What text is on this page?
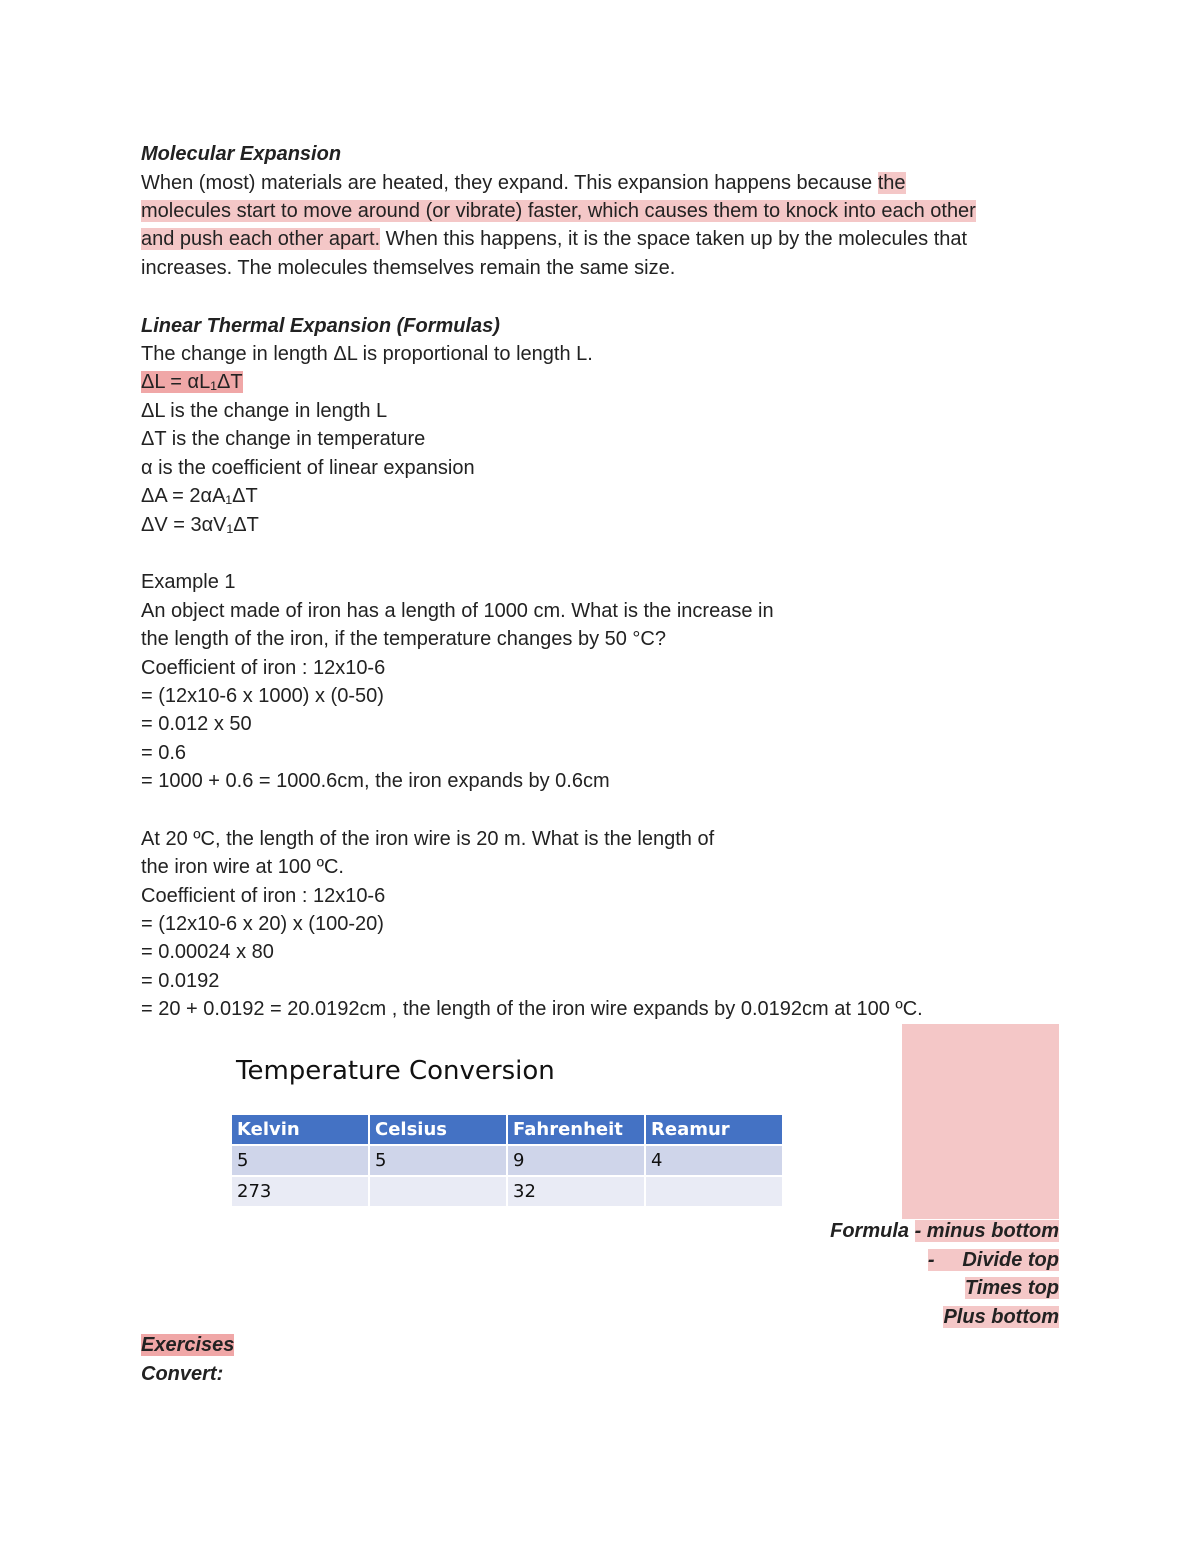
Molecular Expansion

When (most) materials are heated, they expand. This expansion happens because the

molecules start to move around (or vibrate) faster, which causes them to knock into each other

and push each other apart. When this happens, it is the space taken up by the molecules that

increases. The molecules themselves remain the same size.

Linear Thermal Expansion (Formulas)

The change in length ΔL is proportional to length L.

ΔL = αL₁ΔT

ΔL is the change in length L

ΔT is the change in temperature

α is the coefficient of linear expansion

ΔA = 2αA₁ΔT

ΔV = 3αV₁ΔT

Example 1

An object made of iron has a length of 1000 cm. What is the increase in

the length of the iron, if the temperature changes by 50 °C?

Coefficient of iron : 12x10-6

= (12x10-6 x 1000) x (0-50)

= 0.012 x 50

= 0.6

= 1000 + 0.6 = 1000.6cm, the iron expands by 0.6cm

At 20 ºC, the length of the iron wire is 20 m. What is the length of

the iron wire at 100 ºC.

Coefficient of iron : 12x10-6

= (12x10-6 x 20) x (100-20)

= 0.00024 x 80

= 0.0192

= 20 + 0.0192 = 20.0192cm , the length of the iron wire expands by 0.0192cm at 100 ºC.

Temperature Conversion

Kelvin	Celsius	Fahrenheit	Reamur
5	5	9	4
273		32	

Formula - minus bottom

-     Divide top

Times top

Plus bottom

Exercises

Convert:
